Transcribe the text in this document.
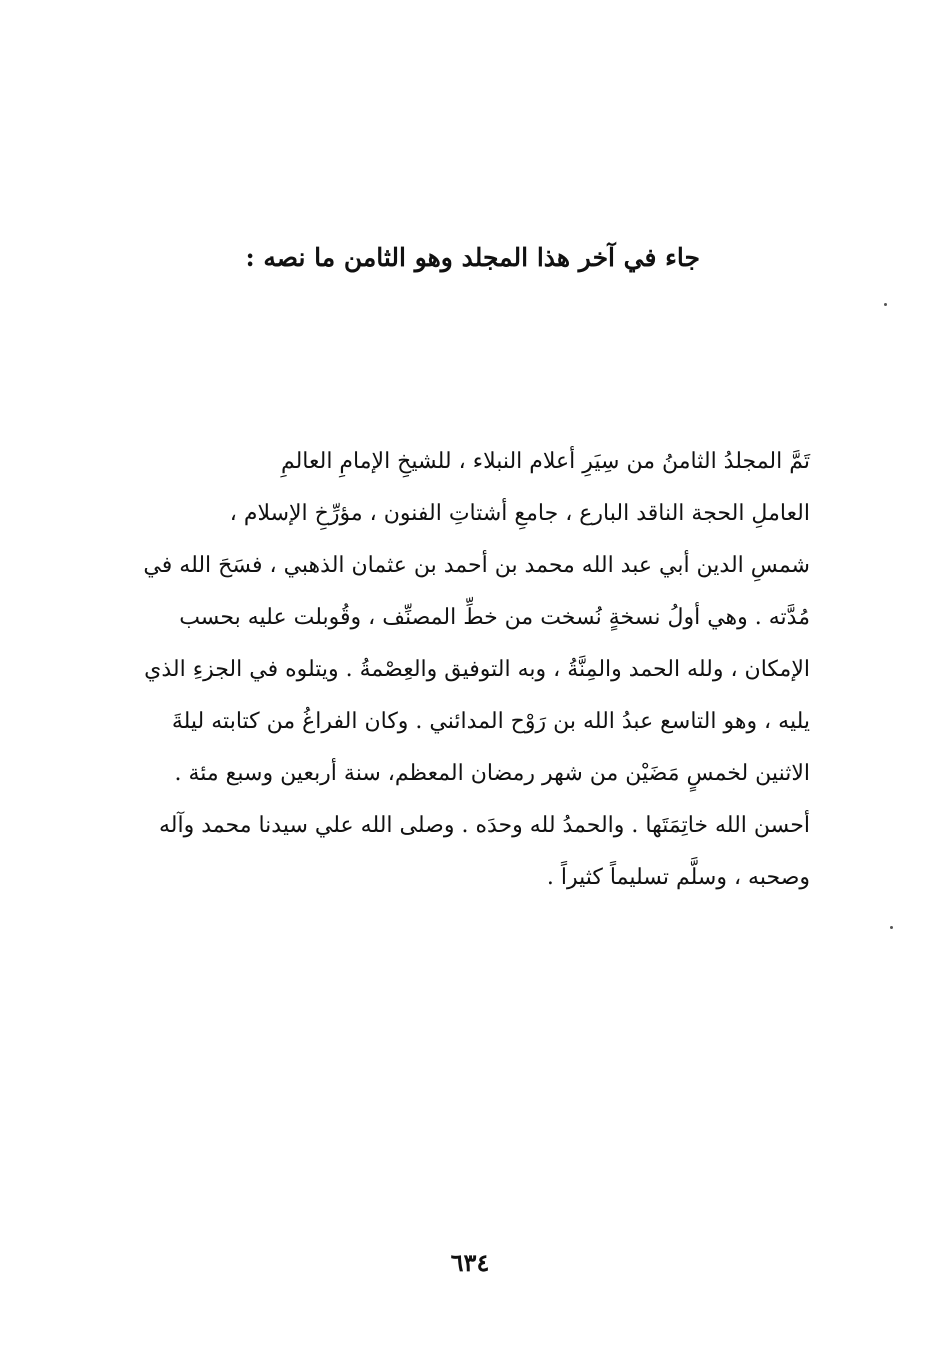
جاء في آخر هذا المجلد وهو الثامن ما نصه :
تَمَّ المجلدُ الثامنُ من سِيَرِ أعلام النبلاء ، للشيخِ الإمامِ العالمِ
العاملِ الحجة الناقد البارع ، جامعِ أشتاتِ الفنون ، مؤرِّخِ الإسلام ،
شمسِ الدين أبي عبد الله محمد بن أحمد بن عثمان الذهبي ، فسَحَ الله في
مُدَّته . وهي أولُ نسخةٍ نُسخت من خطِّ المصنِّف ، وقُوبلت عليه بحسب
الإمكان ، ولله الحمد والمِنَّةُ ، وبه التوفيق والعِصْمةُ . ويتلوه في الجزءِ الذي
يليه ، وهو التاسع عبدُ الله بن رَوْح المدائني . وكان الفراغُ من كتابته ليلةَ
الاثنين لخمسٍ مَضَيْن من شهر رمضان المعظم، سنة أربعين وسبع مئة .
أحسن الله خاتِمَتَها . والحمدُ لله وحدَه . وصلى الله علي سيدنا محمد وآله
وصحبه ، وسلَّم تسليماً كثيراً .
٦٣٤
